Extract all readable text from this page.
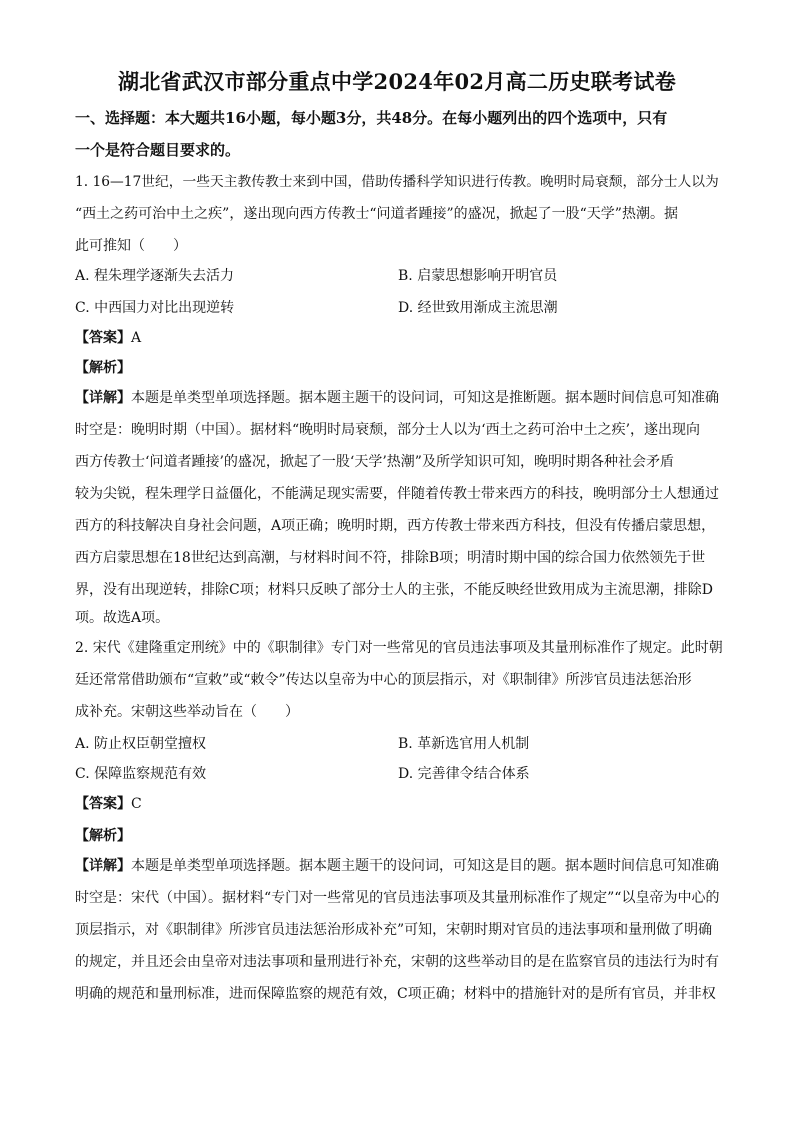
湖北省武汉市部分重点中学2024年02月高二历史联考试卷
一、选择题：本大题共16小题，每小题3分，共48分。在每小题列出的四个选项中，只有
一个是符合题目要求的。
1. 16—17世纪，一些天主教传教士来到中国，借助传播科学知识进行传教。晚明时局衰颓，部分士人以为
“西土之药可治中土之疾”，遂出现向西方传教士“问道者踵接”的盛况，掀起了一股“天学”热潮。据
此可推知（　　）
A. 程朱理学逐渐失去活力	B. 启蒙思想影响开明官员
C. 中西国力对比出现逆转	D. 经世致用渐成主流思潮
【答案】A
【解析】
【详解】本题是单类型单项选择题。据本题主题干的设问词，可知这是推断题。据本题时间信息可知准确
时空是：晚明时期（中国）。据材料“晚明时局衰颓，部分士人以为‘西土之药可治中土之疾’，遂出现向
西方传教士‘问道者踵接’的盛况，掀起了一股‘天学’热潮”及所学知识可知，晚明时期各种社会矛盾
较为尖锐，程朱理学日益僵化，不能满足现实需要，伴随着传教士带来西方的科技，晚明部分士人想通过
西方的科技解决自身社会问题，A项正确；晚明时期，西方传教士带来西方科技，但没有传播启蒙思想，
西方启蒙思想在18世纪达到高潮，与材料时间不符，排除B项；明清时期中国的综合国力依然领先于世
界，没有出现逆转，排除C项；材料只反映了部分士人的主张，不能反映经世致用成为主流思潮，排除D
项。故选A项。
2. 宋代《建隆重定刑统》中的《职制律》专门对一些常见的官员违法事项及其量刑标准作了规定。此时朝
廷还常常借助颁布“宣敕”或“敕令”传达以皇帝为中心的顶层指示，对《职制律》所涉官员违法惩治形
成补充。宋朝这些举动旨在（　　）
A. 防止权臣朝堂擅权	B. 革新选官用人机制
C. 保障监察规范有效	D. 完善律令结合体系
【答案】C
【解析】
【详解】本题是单类型单项选择题。据本题主题干的设问词，可知这是目的题。据本题时间信息可知准确
时空是：宋代（中国）。据材料“专门对一些常见的官员违法事项及其量刑标准作了规定”“以皇帝为中心的
顶层指示，对《职制律》所涉官员违法惩治形成补充”可知，宋朝时期对官员的违法事项和量刑做了明确
的规定，并且还会由皇帝对违法事项和量刑进行补充，宋朝的这些举动目的是在监察官员的违法行为时有
明确的规范和量刑标准，进而保障监察的规范有效，C项正确；材料中的措施针对的是所有官员，并非权
